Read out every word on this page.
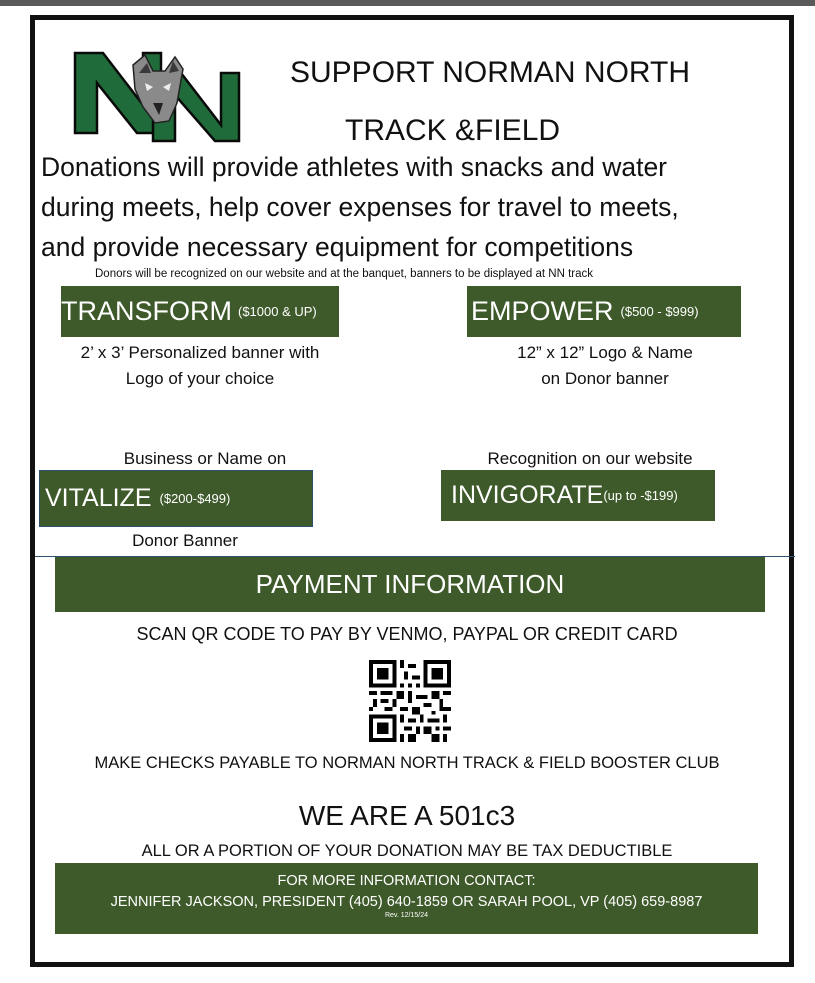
SUPPORT NORMAN NORTH
TRACK &FIELD
Donations will provide athletes with snacks and water
during meets, help cover expenses for travel to meets,
and provide necessary equipment for competitions
Donors will be recognized on our website and at the banquet, banners to be displayed at NN track
TRANSFORM ($1000 & UP)
2’ x 3’ Personalized banner with
Logo of your choice
EMPOWER ($500 - $999)
12” x 12” Logo & Name
on Donor banner
Business or Name on
VITALIZE ($200-$499)
Donor Banner
Recognition on our website
INVIGORATE (up to -$199)
PAYMENT INFORMATION
SCAN QR CODE TO PAY BY VENMO, PAYPAL OR CREDIT CARD
MAKE CHECKS PAYABLE TO NORMAN NORTH TRACK & FIELD BOOSTER CLUB
WE ARE A 501c3
ALL OR A PORTION OF YOUR DONATION MAY BE TAX DEDUCTIBLE
FOR MORE INFORMATION CONTACT:
JENNIFER JACKSON, PRESIDENT (405) 640-1859 OR SARAH POOL, VP (405) 659-8987
Rev. 12/15/24
